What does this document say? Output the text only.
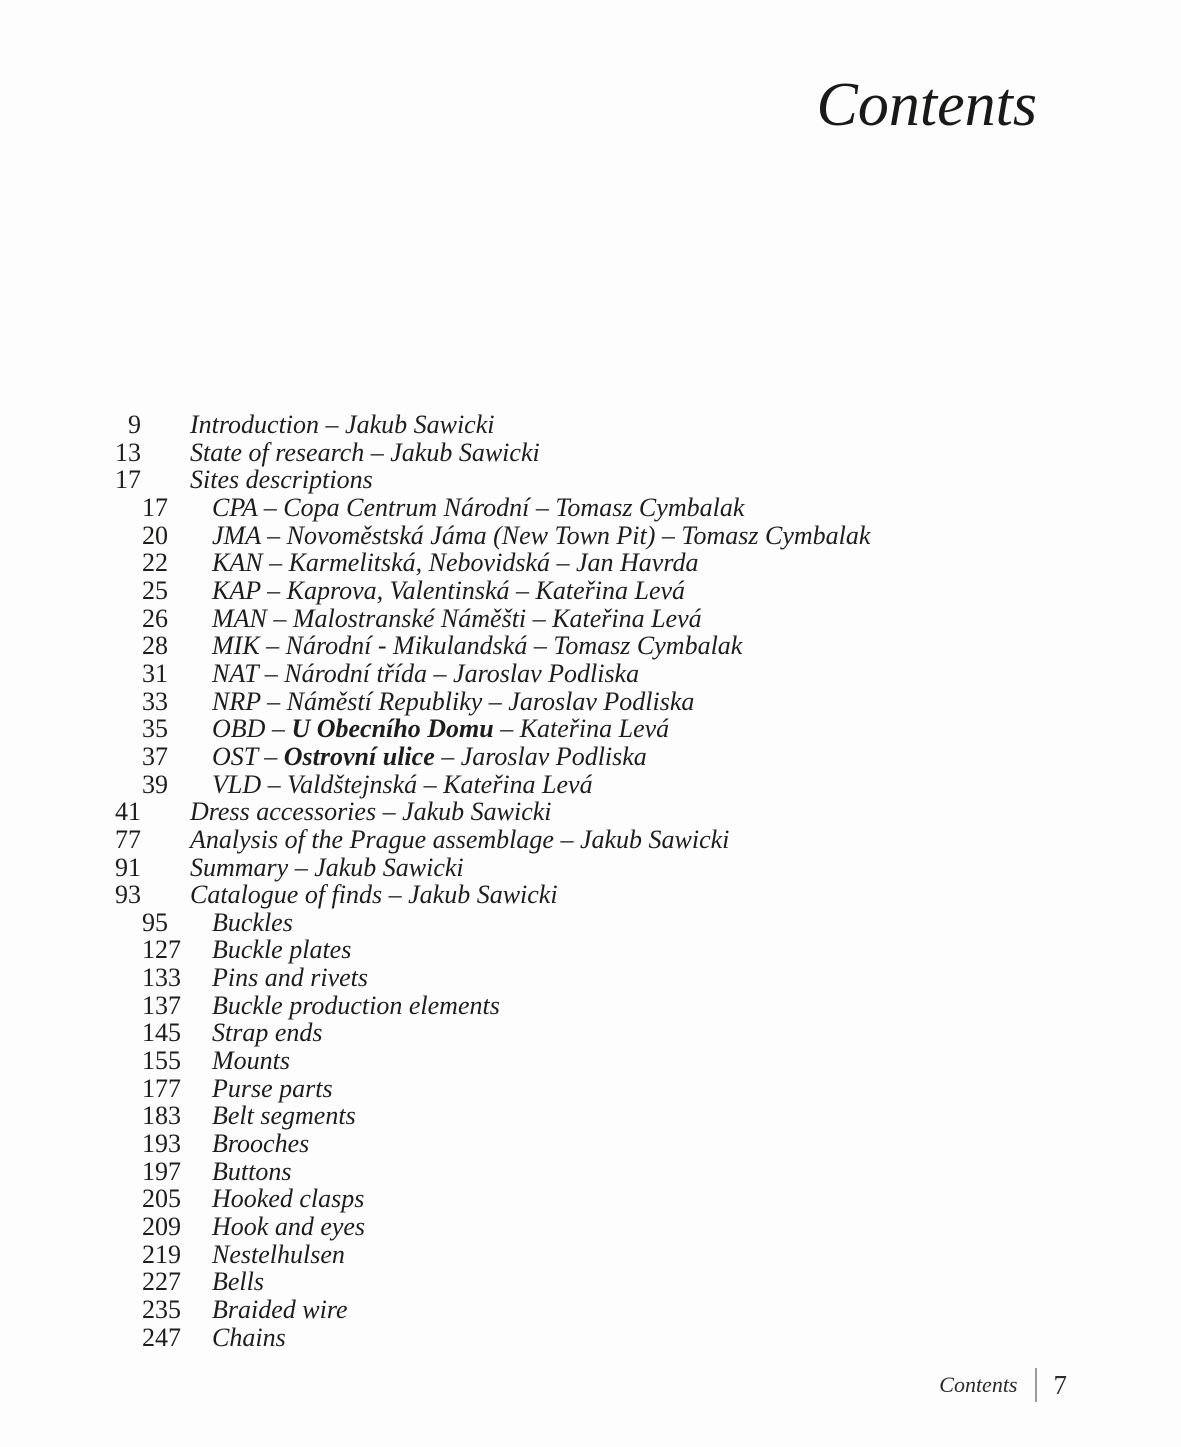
Contents
9 Introduction – Jakub Sawicki
13 State of research – Jakub Sawicki
17 Sites descriptions
17	CPA – Copa Centrum Národní – Tomasz Cymbalak
20	JMA – Novoměstská Jáma (New Town Pit) – Tomasz Cymbalak
22	KAN – Karmelitská, Nebovidská – Jan Havrda
25	KAP – Kaprova, Valentinská – Kateřina Levá
26	MAN – Malostranské Náměšti – Kateřina Levá
28	MIK – Národní - Mikulandská – Tomasz Cymbalak
31	NAT – Národní třída – Jaroslav Podliska
33	NRP – Náměstí Republiky – Jaroslav Podliska
35	OBD – U Obecního Domu – Kateřina Levá
37	OST – Ostrovní ulice – Jaroslav Podliska
39	VLD – Valdštejnská – Kateřina Levá
41 Dress accessories – Jakub Sawicki
77 Analysis of the Prague assemblage – Jakub Sawicki
91 Summary – Jakub Sawicki
93 Catalogue of finds – Jakub Sawicki
95	Buckles
127	Buckle plates
133	Pins and rivets
137	Buckle production elements
145	Strap ends
155	Mounts
177	Purse parts
183	Belt segments
193	Brooches
197	Buttons
205	Hooked clasps
209	Hook and eyes
219	Nestelhulsen
227	Bells
235	Braided wire
247	Chains
Contents 7
